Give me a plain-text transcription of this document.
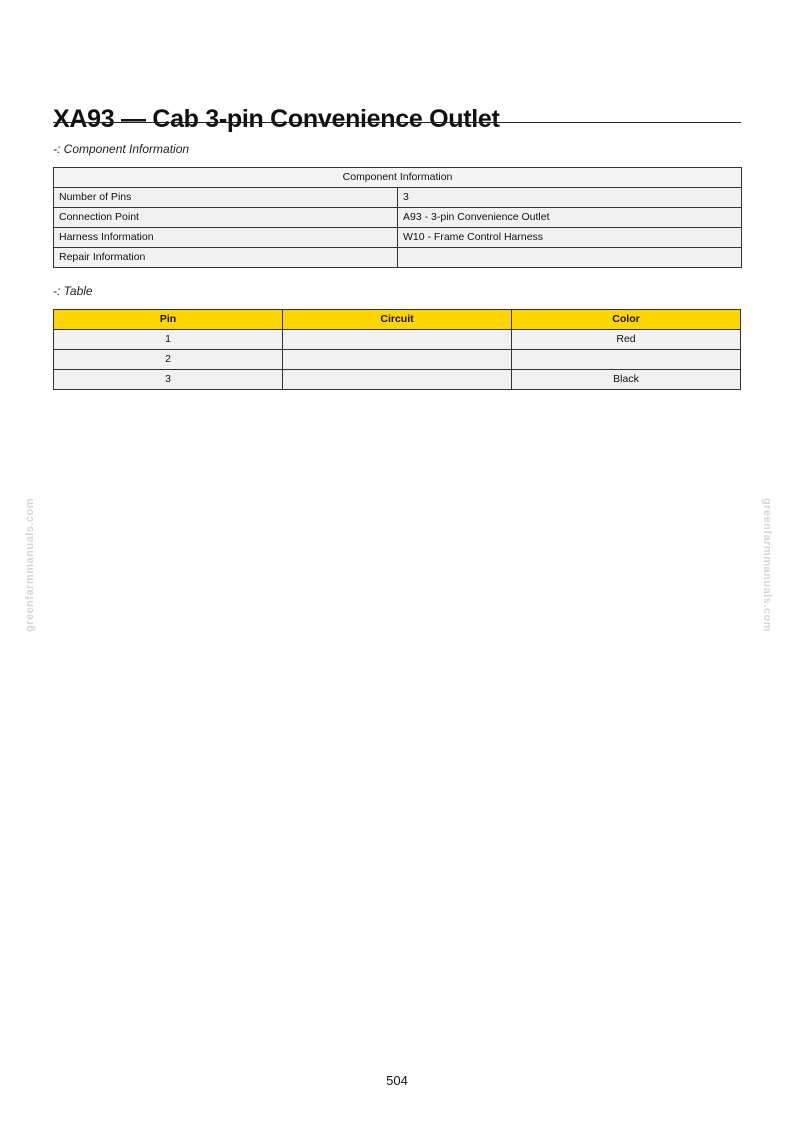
XA93 — Cab 3-pin Convenience Outlet
-: Component Information
Component Information	
Number of Pins	3
Connection Point	A93 - 3-pin Convenience Outlet
Harness Information	W10 - Frame Control Harness
Repair Information	
-: Table
Pin	Circuit	Color
1		Red
2		
3		Black
greenfarmmanuals.com	greenfarmmanuals.com
504
